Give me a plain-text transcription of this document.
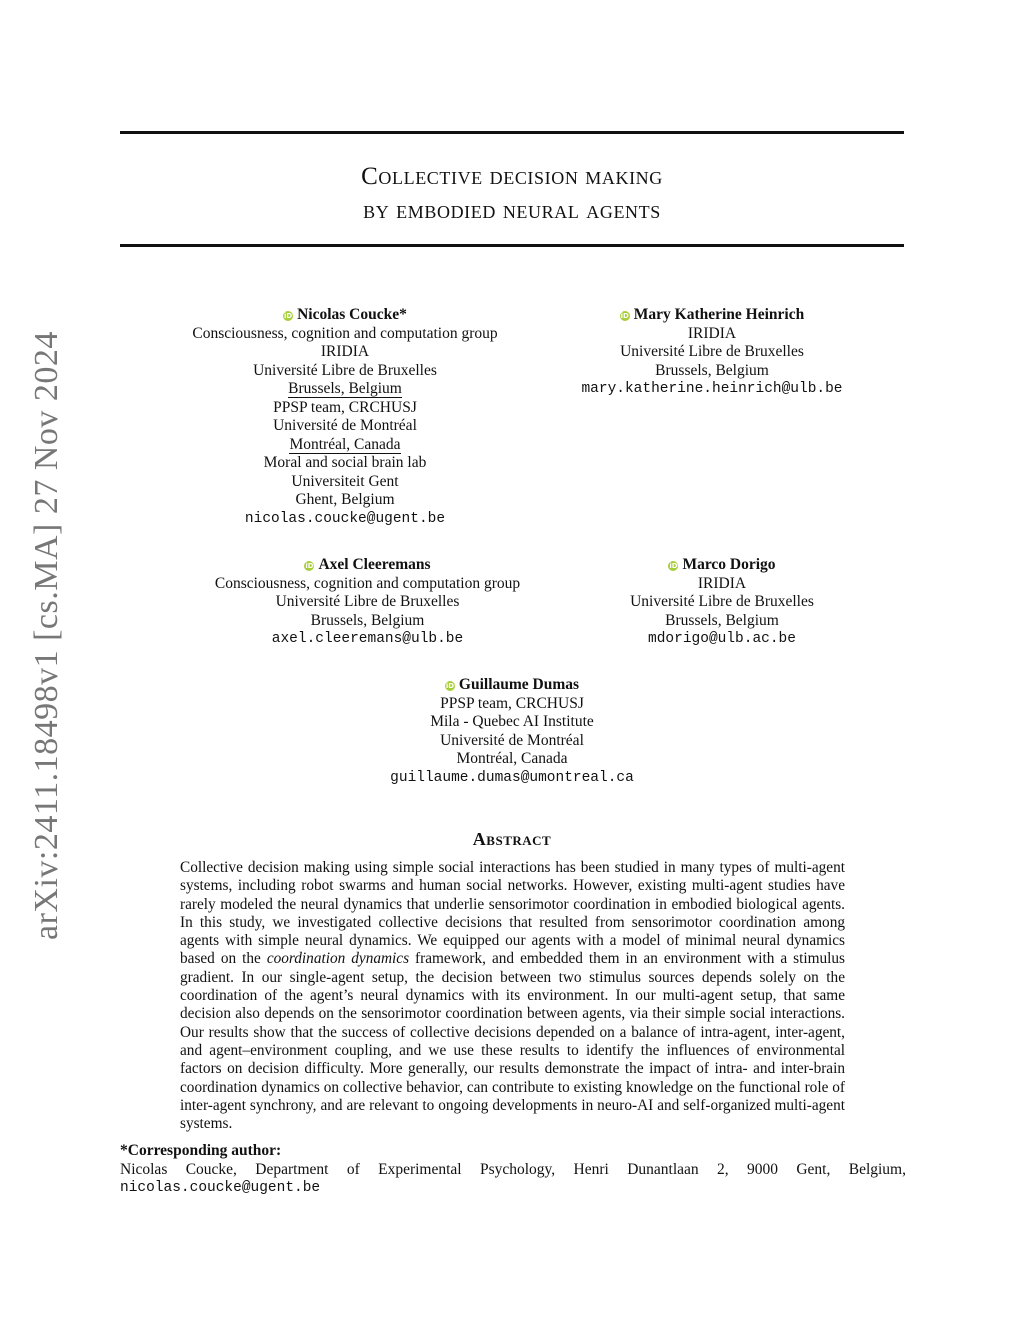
arXiv:2411.18498v1 [cs.MA] 27 Nov 2024
Collective decision making
by embodied neural agents
iD Nicolas Coucke*
Consciousness, cognition and computation group
IRIDIA
Université Libre de Bruxelles
Brussels, Belgium
PPSP team, CRCHUSJ
Université de Montréal
Montréal, Canada
Moral and social brain lab
Universiteit Gent
Ghent, Belgium
nicolas.coucke@ugent.be
iD Mary Katherine Heinrich
IRIDIA
Université Libre de Bruxelles
Brussels, Belgium
mary.katherine.heinrich@ulb.be
iD Axel Cleeremans
Consciousness, cognition and computation group
Université Libre de Bruxelles
Brussels, Belgium
axel.cleeremans@ulb.be
iD Marco Dorigo
IRIDIA
Université Libre de Bruxelles
Brussels, Belgium
mdorigo@ulb.ac.be
iD Guillaume Dumas
PPSP team, CRCHUSJ
Mila - Quebec AI Institute
Université de Montréal
Montréal, Canada
guillaume.dumas@umontreal.ca
Abstract
Collective decision making using simple social interactions has been studied in many types of multi-agent systems, including robot swarms and human social networks. However, existing multi-agent studies have rarely modeled the neural dynamics that underlie sensorimotor coordination in embodied biological agents. In this study, we investigated collective decisions that resulted from sensorimotor coordination among agents with simple neural dynamics. We equipped our agents with a model of minimal neural dynamics based on the coordination dynamics framework, and embedded them in an environment with a stimulus gradient. In our single-agent setup, the decision between two stimulus sources depends solely on the coordination of the agent’s neural dynamics with its environment. In our multi-agent setup, that same decision also depends on the sensorimotor coordination between agents, via their simple social interactions. Our results show that the success of collective decisions depended on a balance of intra-agent, inter-agent, and agent–environment coupling, and we use these results to identify the influences of environmental factors on decision difficulty. More generally, our results demonstrate the impact of intra- and inter-brain coordination dynamics on collective behavior, can contribute to existing knowledge on the functional role of inter-agent synchrony, and are relevant to ongoing developments in neuro-AI and self-organized multi-agent systems.
*Corresponding author:
Nicolas Coucke, Department of Experimental Psychology, Henri Dunantlaan 2, 9000 Gent, Belgium,
nicolas.coucke@ugent.be
